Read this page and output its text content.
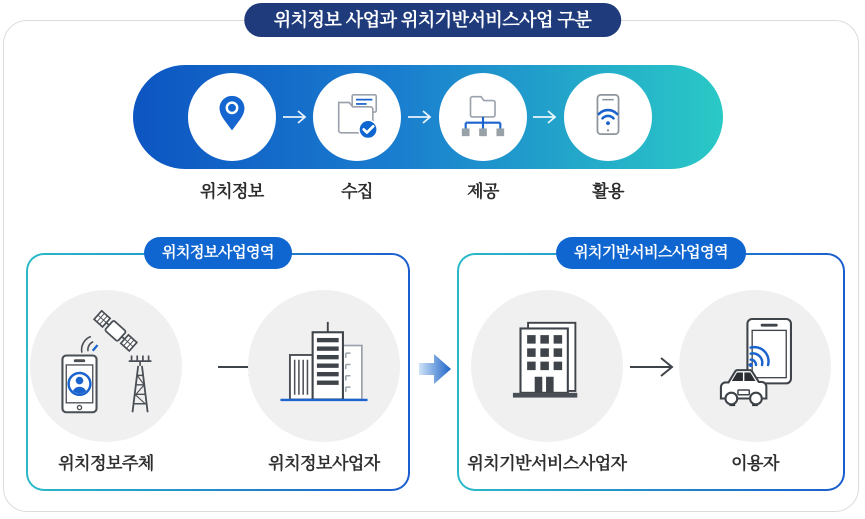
위치정보 사업과 위치기반서비스사업 구분
위치정보	수집	제공	활용
위치정보사업영역
위치정보주체	위치정보사업자
위치기반서비스사업영역
위치기반서비스사업자	이용자
